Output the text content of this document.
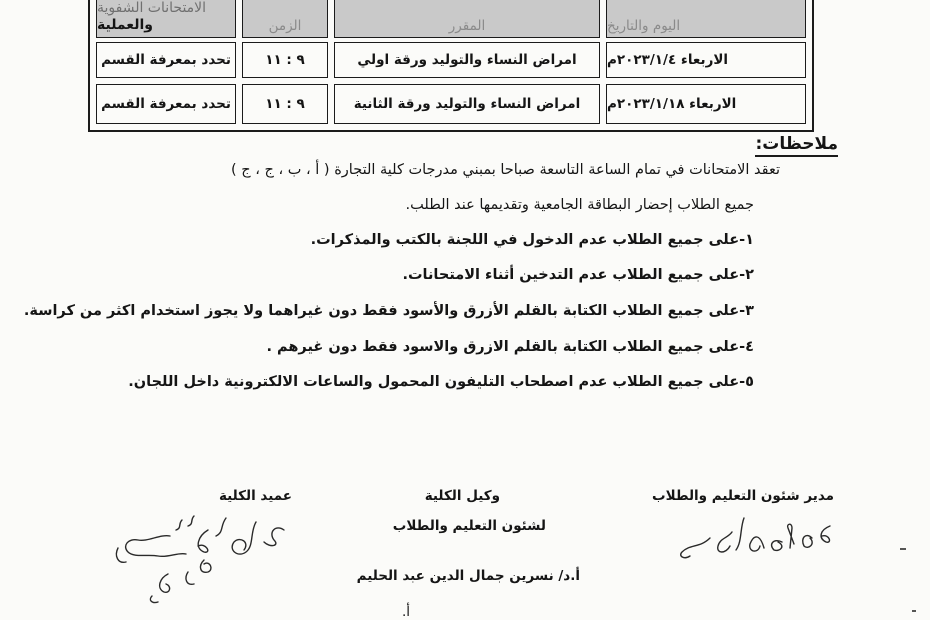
اليوم والتاريخ
المقرر
الزمن
الامتحانات الشفوية
والعملية
الاربعاء ٢٠٢٣/١/٤م
امراض النساء والتوليد ورقة اولي
٩ : ١١
تحدد بمعرفة القسم
الاربعاء ٢٠٢٣/١/١٨م
امراض النساء والتوليد ورقة الثانية
٩ : ١١
تحدد بمعرفة القسم
ملاحظات:
تعقد الامتحانات في تمام الساعة التاسعة صباحا بمبني مدرجات كلية التجارة ( أ ، ب ، ج ، ج )
جميع الطلاب إحضار البطاقة الجامعية وتقديمها عند الطلب.
١-على جميع الطلاب عدم الدخول في اللجنة بالكتب والمذكرات.
٢-على جميع الطلاب عدم التدخين أثناء الامتحانات.
٣-على جميع الطلاب الكتابة بالقلم الأزرق والأسود فقط دون غيراهما ولا يجوز استخدام اكثر من كراسة.
٤-على جميع الطلاب الكتابة بالقلم الازرق والاسود فقط دون غيرهم .
٥-على جميع الطلاب عدم اصطحاب التليفون المحمول والساعات الالكترونية داخل اللجان.
مدير شئون التعليم والطلاب
وكيل الكلية
لشئون التعليم والطلاب
أ.د/ نسرين جمال الدين عبد الحليم
عميد الكلية
أ.
